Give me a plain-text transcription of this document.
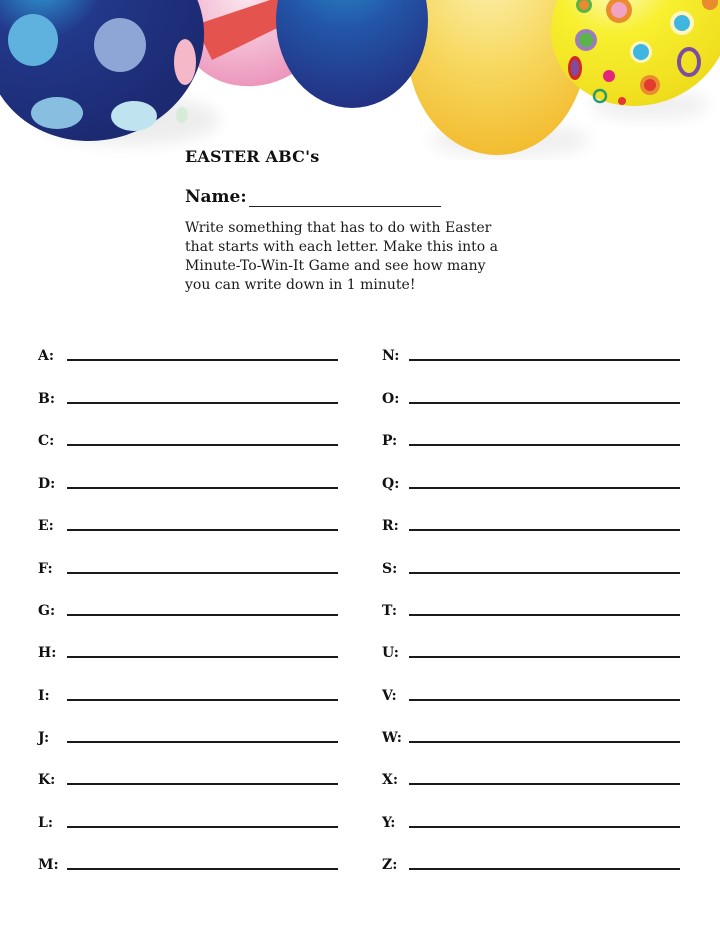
EASTER ABC's
Name:
Write something that has to do with Easter that starts with each letter. Make this into a Minute-To-Win-It Game and see how many you can write down in 1 minute!
A:
B:
C:
D:
E:
F:
G:
H:
I:
J:
K:
L:
M:
N:
O:
P:
Q:
R:
S:
T:
U:
V:
W:
X:
Y:
Z:
